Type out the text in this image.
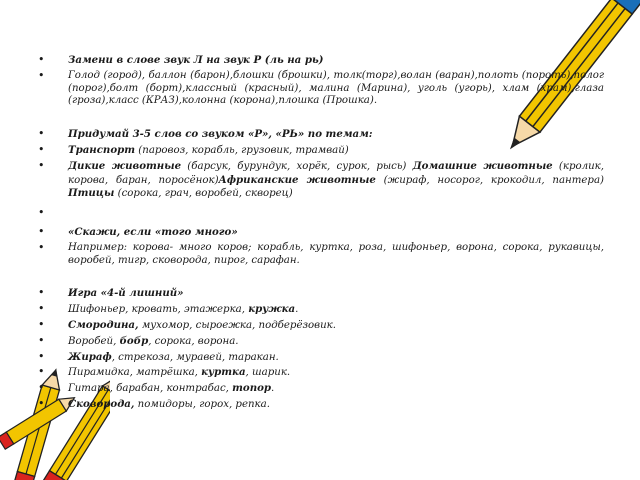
• Замени в слове звук Л на звук Р (ль на рь)
• Голод (город), баллон (барон),блошки (брошки), толк(торг),волан (варан),полоть (пороть),полог (порог),болт (борт),классный (красный), малина (Марина), уголь (угорь), хлам (храм),глаза (гроза),класс (КРАЗ),колонна (корона),плошка (Прошка).
• Придумай 3-5 слов со звуком «Р», «РЬ» по темам:
• Транспорт (паровоз, корабль, грузовик, трамвай)
• Дикие животные (барсук, бурундук, хорёк, сурок, рысь) Домашние животные (кролик, корова, баран, поросёнок)Африканские животные (жираф, носорог, крокодил, пантера) Птицы (сорока, грач, воробей, скворец)
•
• «Скажи, если «того много»
• Например: корова- много коров; корабль, куртка, роза, шифоньер, ворона, сорока, рукавицы, воробей, тигр, сковорода, пирог, сарафан.
• Игра «4-й лишний»
• Шифоньер, кровать, этажерка, кружка.
• Смородина, мухомор, сыроежка, подберёзовик.
• Воробей, бобр, сорока, ворона.
• Жираф, стрекоза, муравей, таракан.
• Пирамидка, матрёшка, куртка, шарик.
• Гитара, барабан, контрабас, топор.
• Сковорода, помидоры, горох, репка.
